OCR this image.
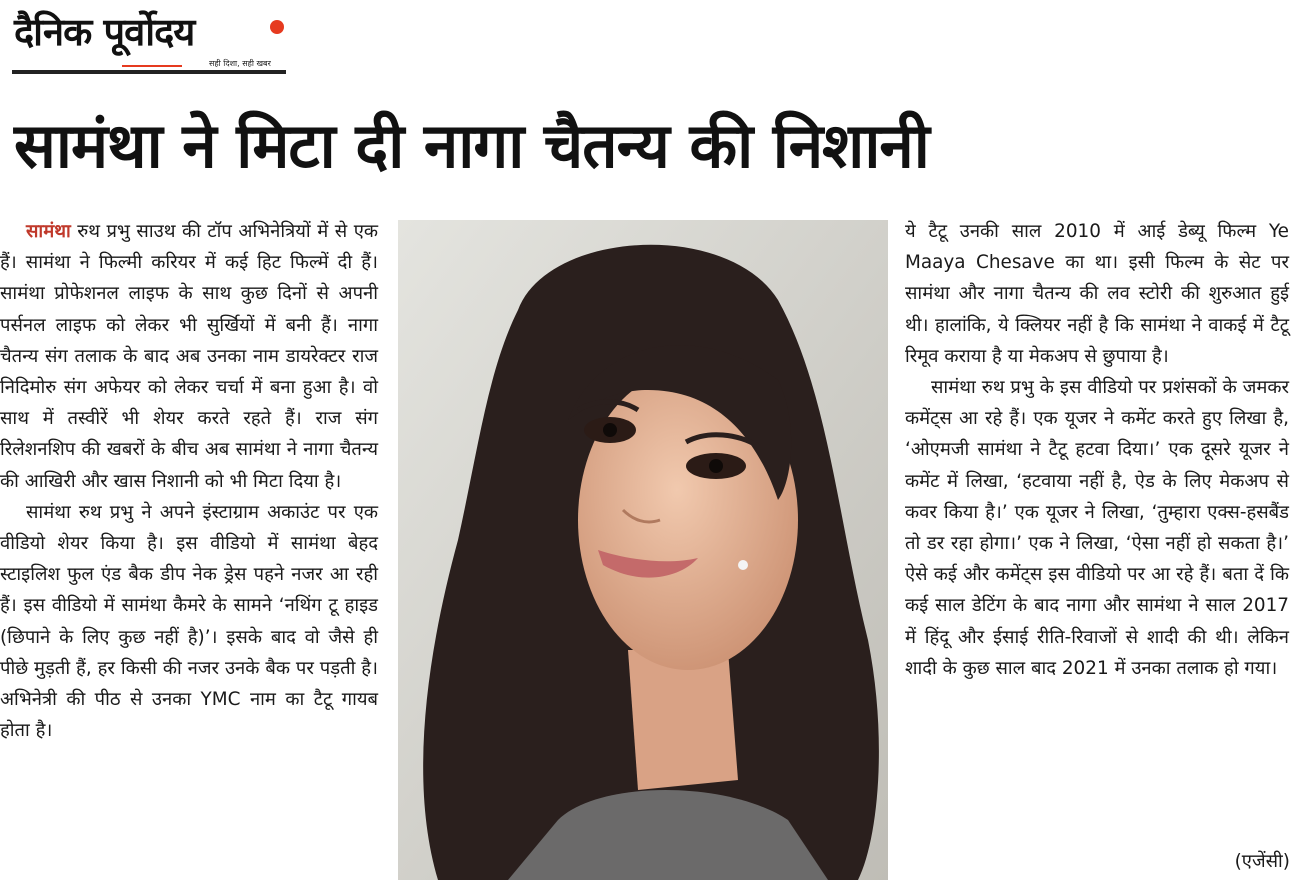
दैनिक पूर्वोदय
सही दिशा, सही खबर
सामंथा ने मिटा दी नागा चैतन्य की निशानी

सामंथा रुथ प्रभु साउथ की टॉप अभिनेत्रियों में से एक हैं। सामंथा ने फिल्मी करियर में कई हिट फिल्में दी हैं। सामंथा प्रोफेशनल लाइफ के साथ कुछ दिनों से अपनी पर्सनल लाइफ को लेकर भी सुर्खियों में बनी हैं। नागा चैतन्य संग तलाक के बाद अब उनका नाम डायरेक्टर राज निदिमोरु संग अफेयर को लेकर चर्चा में बना हुआ है। वो साथ में तस्वीरें भी शेयर करते रहते हैं। राज संग रिलेशनशिप की खबरों के बीच अब सामंथा ने नागा चैतन्य की आखिरी और खास निशानी को भी मिटा दिया है।

सामंथा रुथ प्रभु ने अपने इंस्टाग्राम अकाउंट पर एक वीडियो शेयर किया है। इस वीडियो में सामंथा बेहद स्टाइलिश फुल एंड बैक डीप नेक ड्रेस पहने नजर आ रही हैं। इस वीडियो में सामंथा कैमरे के सामने ‘नथिंग टू हाइड (छिपाने के लिए कुछ नहीं है)’। इसके बाद वो जैसे ही पीछे मुड़ती हैं, हर किसी की नजर उनके बैक पर पड़ती है। अभिनेत्री की पीठ से उनका YMC नाम का टैटू गायब होता है।

ये टैटू उनकी साल 2010 में आई डेब्यू फिल्म Ye Maaya Chesave का था। इसी फिल्म के सेट पर सामंथा और नागा चैतन्य की लव स्टोरी की शुरुआत हुई थी। हालांकि, ये क्लियर नहीं है कि सामंथा ने वाकई में टैटू रिमूव कराया है या मेकअप से छुपाया है।

सामंथा रुथ प्रभु के इस वीडियो पर प्रशंसकों के जमकर कमेंट्स आ रहे हैं। एक यूजर ने कमेंट करते हुए लिखा है, ‘ओएमजी सामंथा ने टैटू हटवा दिया।’ एक दूसरे यूजर ने कमेंट में लिखा, ‘हटवाया नहीं है, ऐड के लिए मेकअप से कवर किया है।’ एक यूजर ने लिखा, ‘तुम्हारा एक्स-हसबैंड तो डर रहा होगा।’ एक ने लिखा, ‘ऐसा नहीं हो सकता है।’ ऐसे कई और कमेंट्स इस वीडियो पर आ रहे हैं। बता दें कि कई साल डेटिंग के बाद नागा और सामंथा ने साल 2017 में हिंदू और ईसाई रीति-रिवाजों से शादी की थी। लेकिन शादी के कुछ साल बाद 2021 में उनका तलाक हो गया।

(एजेंसी)
